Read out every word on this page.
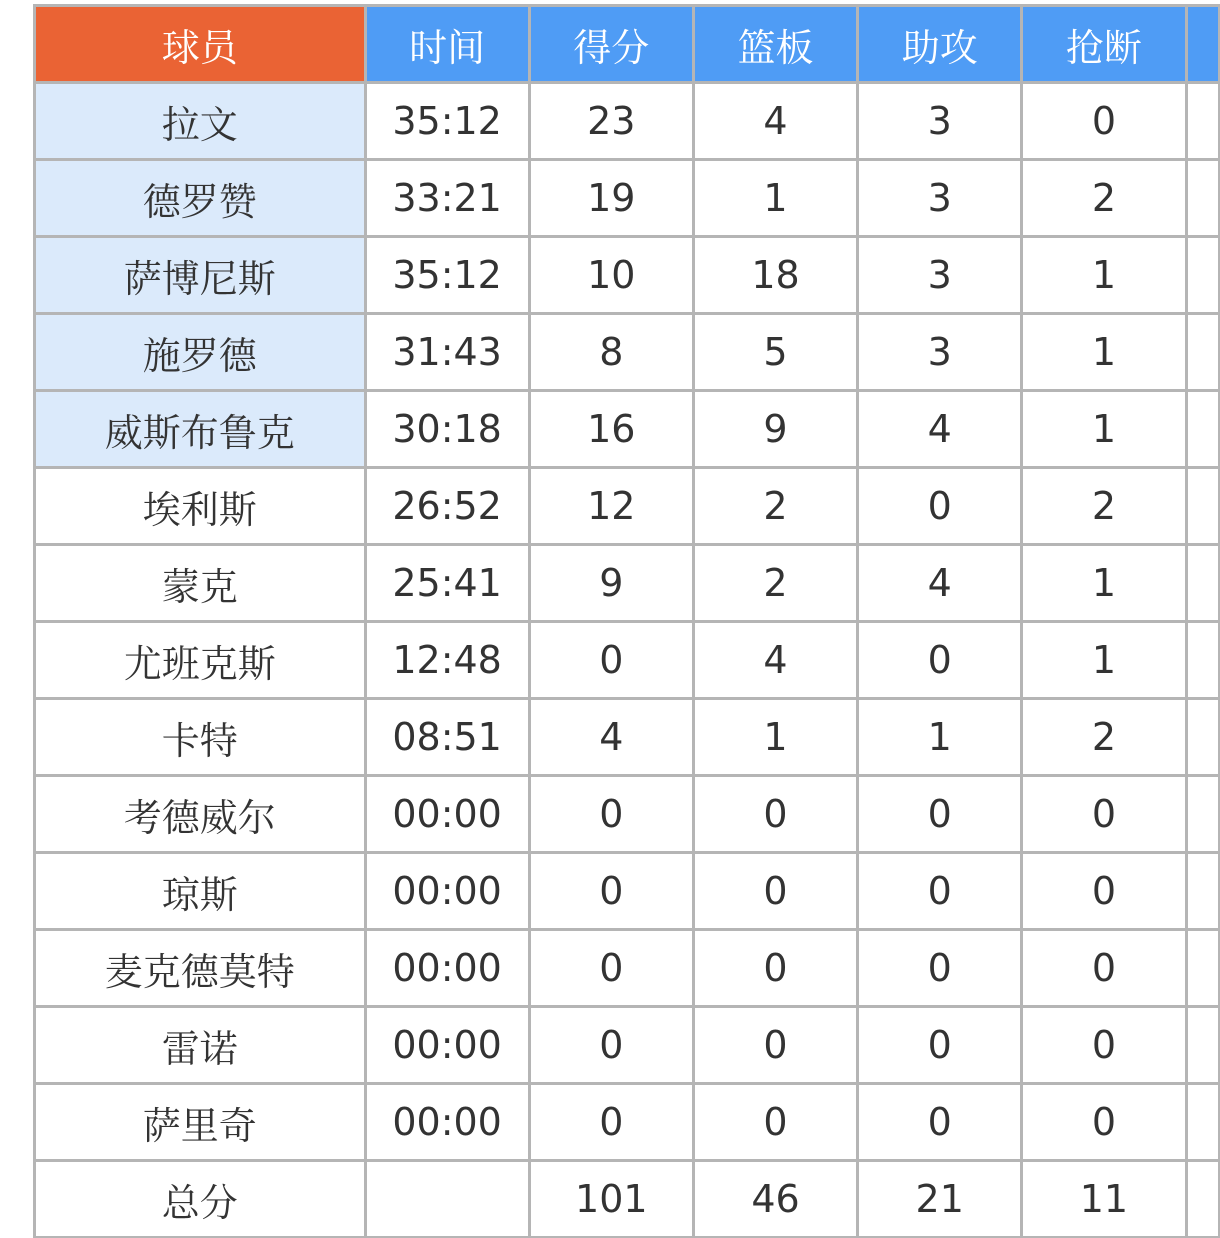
球员	时间	得分	篮板	助攻	抢断	
拉文	35:12	23	4	3	0	
德罗赞	33:21	19	1	3	2	
萨博尼斯	35:12	10	18	3	1	
施罗德	31:43	8	5	3	1	
威斯布鲁克	30:18	16	9	4	1	
埃利斯	26:52	12	2	0	2	
蒙克	25:41	9	2	4	1	
尤班克斯	12:48	0	4	0	1	
卡特	08:51	4	1	1	2	
考德威尔	00:00	0	0	0	0	
琼斯	00:00	0	0	0	0	
麦克德莫特	00:00	0	0	0	0	
雷诺	00:00	0	0	0	0	
萨里奇	00:00	0	0	0	0	
总分		101	46	21	11	
